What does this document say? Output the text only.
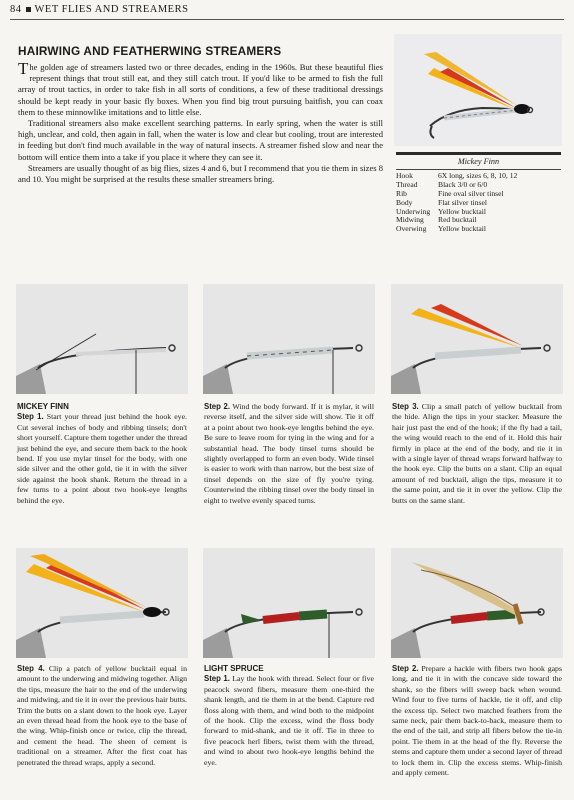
84 WET FLIES AND STREAMERS
HAIRWING AND FEATHERWING STREAMERS

The golden age of streamers lasted two or three decades, ending in the 1960s. But these beautiful flies represent things that trout still eat, and they still catch trout. If you'd like to be armed to fish the full array of trout tactics, in order to take fish in all sorts of conditions, a few of these traditional dressings should be kept ready in your basic fly boxes. When you find big trout pursuing baitfish, you can coax them to these minnowlike imitations and to little else.

Traditional streamers also make excellent searching patterns. In early spring, when the water is still high, unclear, and cold, then again in fall, when the water is low and clear but cooling, trout are interested in feeding but don't find much available in the way of natural insects. A streamer fished slow and near the bottom will entice them into a take if you place it where they can see it.

Streamers are usually thought of as big flies, sizes 4 and 6, but I recommend that you tie them in sizes 8 and 10. You might be surprised at the results these smaller streamers bring.

Mickey Finn
Hook	6X long, sizes 6, 8, 10, 12
Thread	Black 3/0 or 6/0
Rib	Fine oval silver tinsel
Body	Flat silver tinsel
Underwing	Yellow bucktail
Midwing	Red bucktail
Overwing	Yellow bucktail
MICKEY FINN

Step 1. Start your thread just behind the hook eye. Cut several inches of body and ribbing tinsels; don't short yourself. Capture them together under the thread just behind the eye, and secure them back to the hook bend. If you use mylar tinsel for the body, with one side silver and the other gold, tie it in with the silver side against the hook shank. Return the thread in a few turns to a point about two hook-eye lengths behind the eye.

Step 2. Wind the body forward. If it is mylar, it will reverse itself, and the silver side will show. Tie it off at a point about two hook-eye lengths behind the eye. Be sure to leave room for tying in the wing and for a substantial head. The body tinsel turns should be slightly overlapped to form an even body. Wide tinsel is easier to work with than narrow, but the best size of tinsel depends on the size of fly you're tying. Counterwind the ribbing tinsel over the body tinsel in eight to twelve evenly spaced turns.

Step 3. Clip a small patch of yellow bucktail from the hide. Align the tips in your stacker. Measure the hair just past the end of the hook; if the fly had a tail, the wing would reach to the end of it. Hold this hair firmly in place at the end of the body, and tie it in with a single layer of thread wraps forward halfway to the hook eye. Clip the butts on a slant. Clip an equal amount of red bucktail, align the tips, measure it to the same point, and tie it in over the yellow. Clip the butts on the same slant.

Step 4. Clip a patch of yellow bucktail equal in amount to the underwing and midwing together. Align the tips, measure the hair to the end of the underwing and midwing, and tie it in over the previous hair butts. Trim the butts on a slant down to the hook eye. Layer an even thread head from the hook eye to the base of the wing. Whip-finish once or twice, clip the thread, and cement the head. The sheen of cement is traditional on a streamer. After the first coat has penetrated the thread wraps, apply a second.

LIGHT SPRUCE

Step 1. Lay the hook with thread. Select four or five peacock sword fibers, measure them one-third the shank length, and tie them in at the bend. Capture red floss along with them, and wind both to the midpoint of the hook. Clip the excess, wind the floss body forward to mid-shank, and tie it off. Tie in three to five peacock herl fibers, twist them with the thread, and wind to about two hook-eye lengths behind the eye.

Step 2. Prepare a hackle with fibers two hook gaps long, and tie it in with the concave side toward the shank, so the fibers will sweep back when wound. Wind four to five turns of hackle, tie it off, and clip the excess tip. Select two matched feathers from the same neck, pair them back-to-back, measure them to the end of the tail, and strip all fibers below the tie-in point. Tie them in at the head of the fly. Reverse the stems and capture them under a second layer of thread to lock them in. Clip the excess stems. Whip-finish and apply cement.
